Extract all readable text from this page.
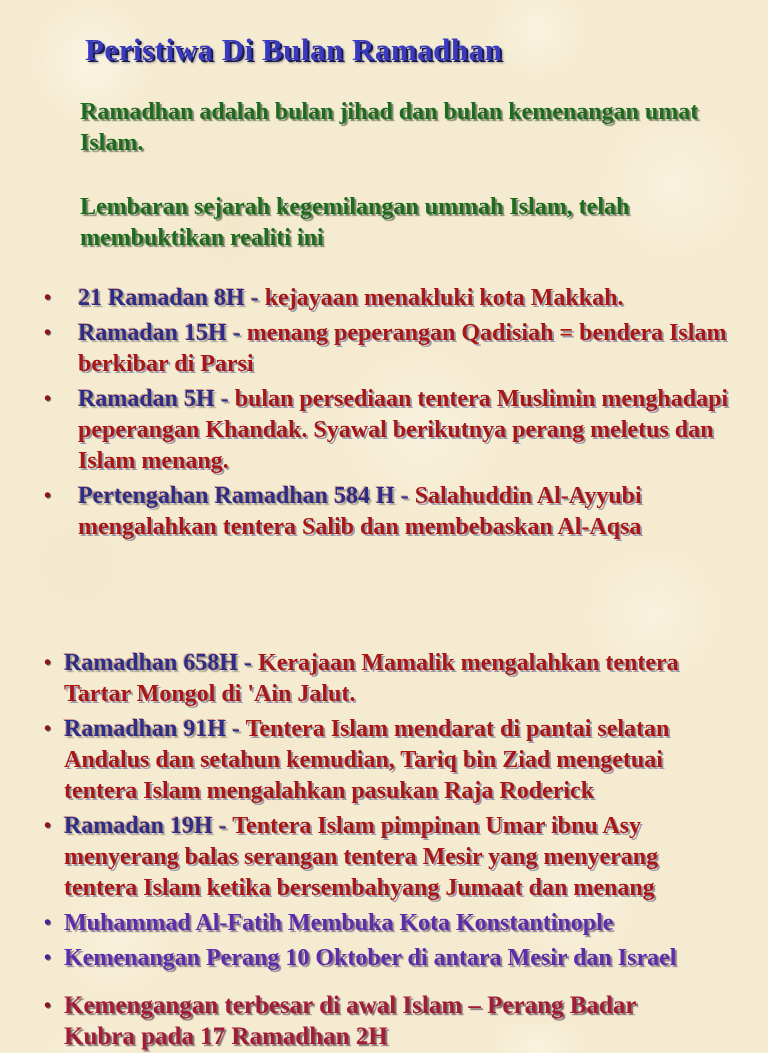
Peristiwa Di Bulan Ramadhan

Ramadhan adalah bulan jihad dan bulan kemenangan umat Islam.

Lembaran sejarah kegemilangan ummah Islam, telah membuktikan realiti ini

•	21 Ramadan 8H - kejayaan menakluki kota Makkah.
•	Ramadan 15H - menang peperangan Qadisiah = bendera Islam berkibar di Parsi
•	Ramadan 5H - bulan persediaan tentera Muslimin menghadapi peperangan Khandak. Syawal berikutnya perang meletus dan Islam menang.
•	Pertengahan Ramadhan 584 H - Salahuddin Al-Ayyubi mengalahkan tentera Salib dan membebaskan Al-Aqsa
• Ramadhan 658H - Kerajaan Mamalik mengalahkan tentera Tartar Mongol di 'Ain Jalut.
• Ramadhan 91H - Tentera Islam mendarat di pantai selatan Andalus dan setahun kemudian, Tariq bin Ziad mengetuai tentera Islam mengalahkan pasukan Raja Roderick
• Ramadan 19H - Tentera Islam pimpinan Umar ibnu Asy menyerang balas serangan tentera Mesir yang menyerang tentera Islam ketika bersembahyang Jumaat dan menang
• Muhammad Al-Fatih Membuka Kota Konstantinople
• Kemenangan Perang 10 Oktober di antara Mesir dan Israel
• Kemengangan terbesar di awal Islam – Perang Badar
Kubra pada 17 Ramadhan 2H
